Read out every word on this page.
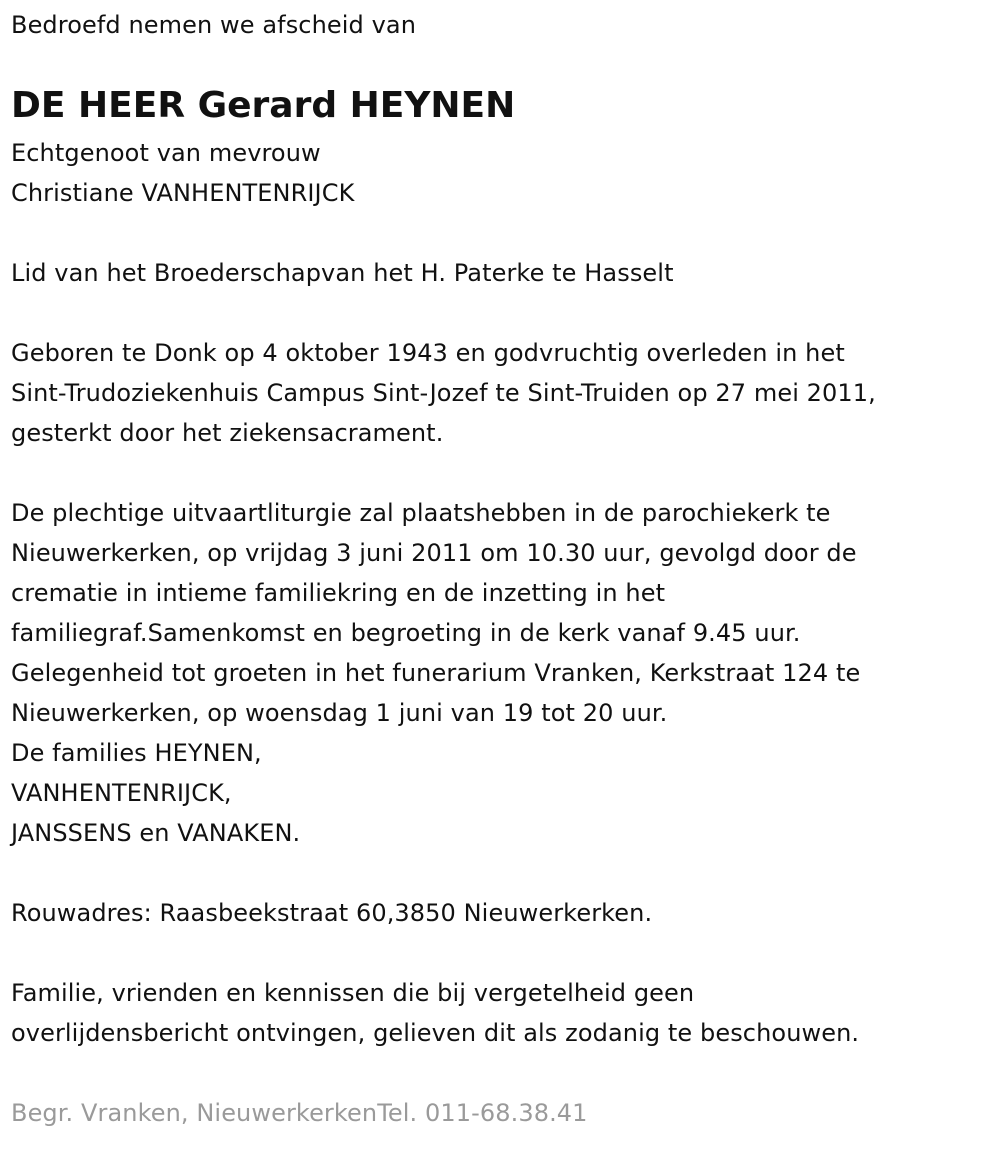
Bedroefd nemen we afscheid van
DE HEER Gerard HEYNEN
Echtgenoot van mevrouw
Christiane VANHENTENRIJCK
Lid van het Broederschapvan het H. Paterke te Hasselt
Geboren te Donk op 4 oktober 1943 en godvruchtig overleden in het
Sint-Trudoziekenhuis Campus Sint-Jozef te Sint-Truiden op 27 mei 2011,
gesterkt door het ziekensacrament.
De plechtige uitvaartliturgie zal plaatshebben in de parochiekerk te
Nieuwerkerken, op vrijdag 3 juni 2011 om 10.30 uur, gevolgd door de
crematie in intieme familiekring en de inzetting in het
familiegraf.Samenkomst en begroeting in de kerk vanaf 9.45 uur.
Gelegenheid tot groeten in het funerarium Vranken, Kerkstraat 124 te
Nieuwerkerken, op woensdag 1 juni van 19 tot 20 uur.
De families HEYNEN,
VANHENTENRIJCK,
JANSSENS en VANAKEN.
Rouwadres: Raasbeekstraat 60,3850 Nieuwerkerken.
Familie, vrienden en kennissen die bij vergetelheid geen
overlijdensbericht ontvingen, gelieven dit als zodanig te beschouwen.
Begr. Vranken, NieuwerkerkenTel. 011-68.38.41
